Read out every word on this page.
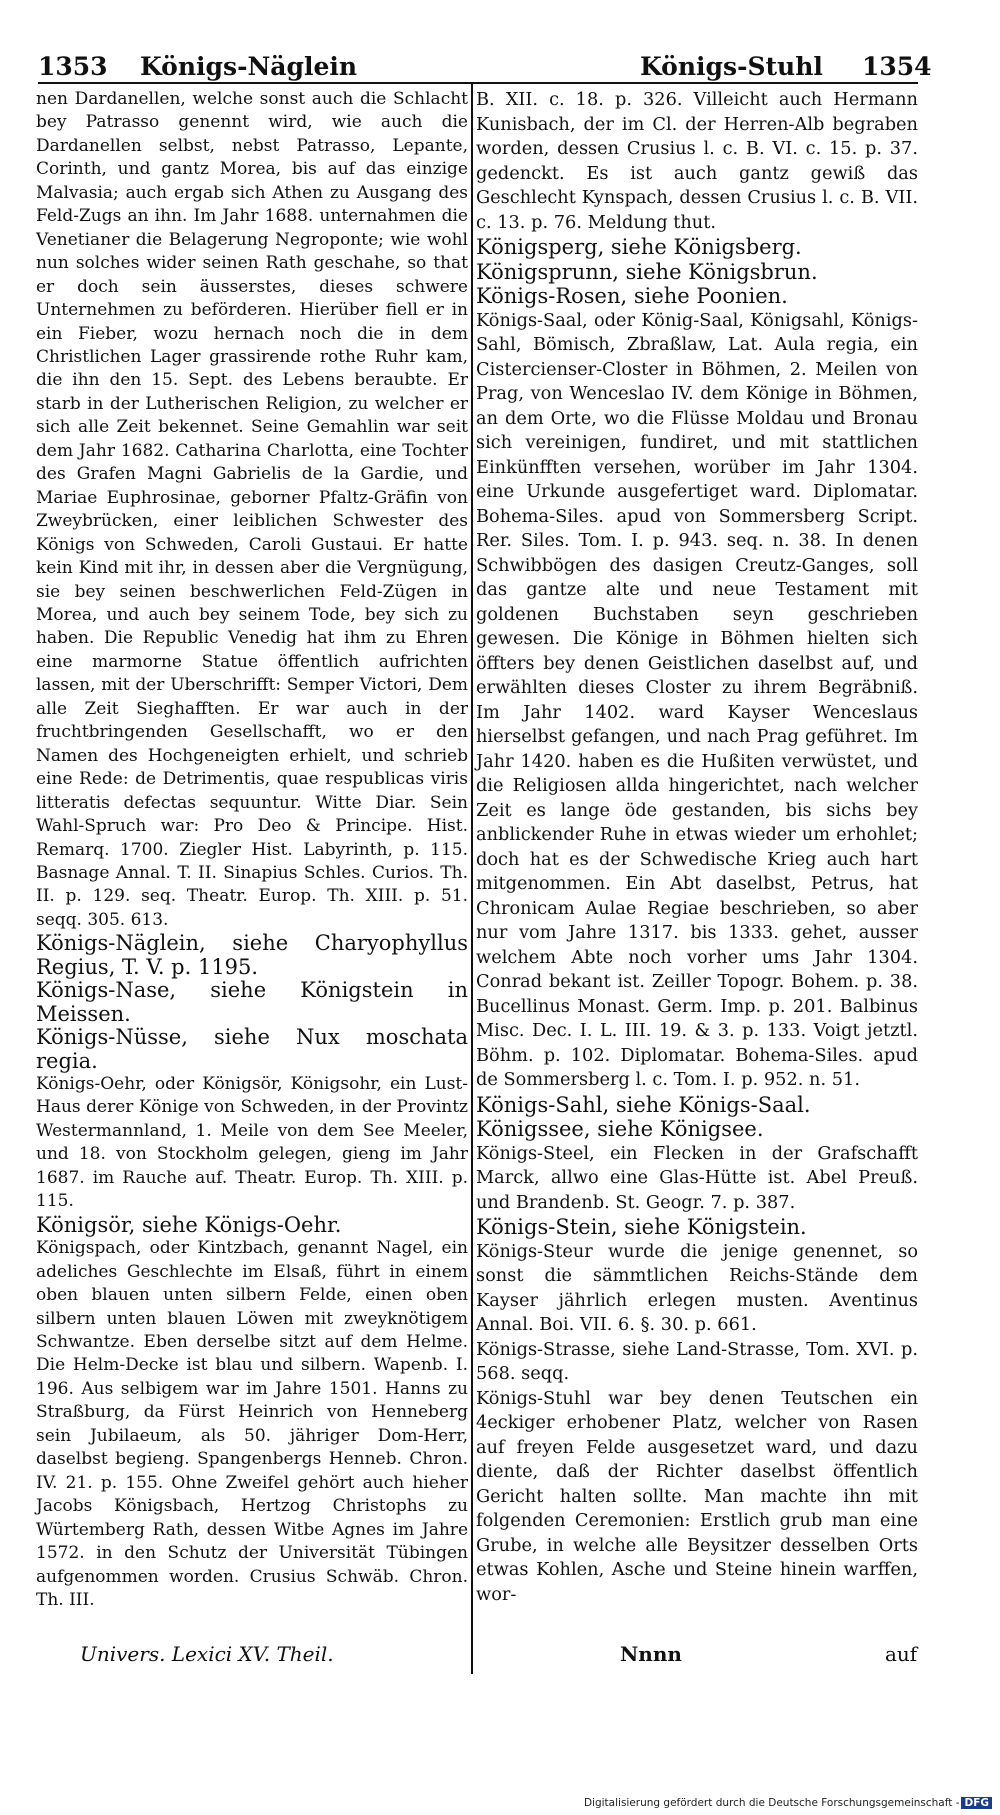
1353 Königs-Näglein	Königs-Stuhl 1354

nen Dardanellen, welche sonst auch die Schlacht bey Patrasso genennt wird, wie auch die Dardanellen selbst, nebst Patrasso, Lepante, Corinth, und gantz Morea, bis auf das einzige Malvasia; auch ergab sich Athen zu Ausgang des Feld-Zugs an ihn. Im Jahr 1688. unternahmen die Venetianer die Belagerung Negroponte; wie wohl nun solches wider seinen Rath geschahe, so that er doch sein äusserstes, dieses schwere Unternehmen zu beförderen. Hierüber fiell er in ein Fieber, wozu hernach noch die in dem Christlichen Lager grassirende rothe Ruhr kam, die ihn den 15. Sept. des Lebens beraubte. Er starb in der Lutherischen Religion, zu welcher er sich alle Zeit bekennet. Seine Gemahlin war seit dem Jahr 1682. Catharina Charlotta, eine Tochter des Grafen Magni Gabrielis de la Gardie, und Mariae Euphrosinae, geborner Pfaltz-Gräfin von Zweybrücken, einer leiblichen Schwester des Königs von Schweden, Caroli Gustaui. Er hatte kein Kind mit ihr, in dessen aber die Vergnügung, sie bey seinen beschwerlichen Feld-Zügen in Morea, und auch bey seinem Tode, bey sich zu haben. Die Republic Venedig hat ihm zu Ehren eine marmorne Statue öffentlich aufrichten lassen, mit der Uberschrifft: Semper Victori, Dem alle Zeit Sieghafften. Er war auch in der fruchtbringenden Gesellschafft, wo er den Namen des Hochgeneigten erhielt, und schrieb eine Rede: de Detrimentis, quae respublicas viris litteratis defectas sequuntur. Witte Diar. Sein Wahl-Spruch war: Pro Deo & Principe. Hist. Remarq. 1700. Ziegler Hist. Labyrinth, p. 115. Basnage Annal. T. II. Sinapius Schles. Curios. Th. II. p. 129. seq. Theatr. Europ. Th. XIII. p. 51. seqq. 305. 613.

Königs-Näglein, siehe Charyophyllus Regius, T. V. p. 1195.

Königs-Nase, siehe Königstein in Meissen.

Königs-Nüsse, siehe Nux moschata regia.

Königs-Oehr, oder Königsör, Königsohr, ein Lust-Haus derer Könige von Schweden, in der Provintz Westermannland, 1. Meile von dem See Meeler, und 18. von Stockholm gelegen, gieng im Jahr 1687. im Rauche auf. Theatr. Europ. Th. XIII. p. 115.

Königsör, siehe Königs-Oehr.

Königspach, oder Kintzbach, genannt Nagel, ein adeliches Geschlechte im Elsaß, führt in einem oben blauen unten silbern Felde, einen oben silbern unten blauen Löwen mit zweyknötigem Schwantze. Eben derselbe sitzt auf dem Helme. Die Helm-Decke ist blau und silbern. Wapenb. I. 196. Aus selbigem war im Jahre 1501. Hanns zu Straßburg, da Fürst Heinrich von Henneberg sein Jubilaeum, als 50. jähriger Dom-Herr, daselbst begieng. Spangenbergs Henneb. Chron. IV. 21. p. 155. Ohne Zweifel gehört auch hieher Jacobs Königsbach, Hertzog Christophs zu Würtemberg Rath, dessen Witbe Agnes im Jahre 1572. in den Schutz der Universität Tübingen aufgenommen worden. Crusius Schwäb. Chron. Th. III.

Univers. Lexici XV. Theil.

B. XII. c. 18. p. 326. Villeicht auch Hermann Kunisbach, der im Cl. der Herren-Alb begraben worden, dessen Crusius l. c. B. VI. c. 15. p. 37. gedenckt. Es ist auch gantz gewiß das Geschlecht Kynspach, dessen Crusius l. c. B. VII. c. 13. p. 76. Meldung thut.

Königsperg, siehe Königsberg.

Königsprunn, siehe Königsbrun.

Königs-Rosen, siehe Poonien.

Königs-Saal, oder König-Saal, Königsahl, Königs-Sahl, Bömisch, Zbraßlaw, Lat. Aula regia, ein Cistercienser-Closter in Böhmen, 2. Meilen von Prag, von Wenceslao IV. dem Könige in Böhmen, an dem Orte, wo die Flüsse Moldau und Bronau sich vereinigen, fundiret, und mit stattlichen Einkünfften versehen, worüber im Jahr 1304. eine Urkunde ausgefertiget ward. Diplomatar. Bohema-Siles. apud von Sommersberg Script. Rer. Siles. Tom. I. p. 943. seq. n. 38. In denen Schwibbögen des dasigen Creutz-Ganges, soll das gantze alte und neue Testament mit goldenen Buchstaben seyn geschrieben gewesen. Die Könige in Böhmen hielten sich öffters bey denen Geistlichen daselbst auf, und erwählten dieses Closter zu ihrem Begräbniß. Im Jahr 1402. ward Kayser Wenceslaus hierselbst gefangen, und nach Prag geführet. Im Jahr 1420. haben es die Hußiten verwüstet, und die Religiosen allda hingerichtet, nach welcher Zeit es lange öde gestanden, bis sichs bey anblickender Ruhe in etwas wieder um erhohlet; doch hat es der Schwedische Krieg auch hart mitgenommen. Ein Abt daselbst, Petrus, hat Chronicam Aulae Regiae beschrieben, so aber nur vom Jahre 1317. bis 1333. gehet, ausser welchem Abte noch vorher ums Jahr 1304. Conrad bekant ist. Zeiller Topogr. Bohem. p. 38. Bucellinus Monast. Germ. Imp. p. 201. Balbinus Misc. Dec. I. L. III. 19. & 3. p. 133. Voigt jetztl. Böhm. p. 102. Diplomatar. Bohema-Siles. apud de Sommersberg l. c. Tom. I. p. 952. n. 51.

Königs-Sahl, siehe Königs-Saal.

Königssee, siehe Königsee.

Königs-Steel, ein Flecken in der Grafschafft Marck, allwo eine Glas-Hütte ist. Abel Preuß. und Brandenb. St. Geogr. 7. p. 387.

Königs-Stein, siehe Königstein.

Königs-Steur wurde die jenige genennet, so sonst die sämmtlichen Reichs-Stände dem Kayser jährlich erlegen musten. Aventinus Annal. Boi. VII. 6. §. 30. p. 661.

Königs-Strasse, siehe Land-Strasse, Tom. XVI. p. 568. seqq.

Königs-Stuhl war bey denen Teutschen ein 4eckiger erhobener Platz, welcher von Rasen auf freyen Felde ausgesetzet ward, und dazu diente, daß der Richter daselbst öffentlich Gericht halten sollte. Man machte ihn mit folgenden Ceremonien: Erstlich grub man eine Grube, in welche alle Beysitzer desselben Orts etwas Kohlen, Asche und Steine hinein warffen, wor-

Nnnn	auf
Digitalisierung gefördert durch die Deutsche Forschungsgemeinschaft - DFG
